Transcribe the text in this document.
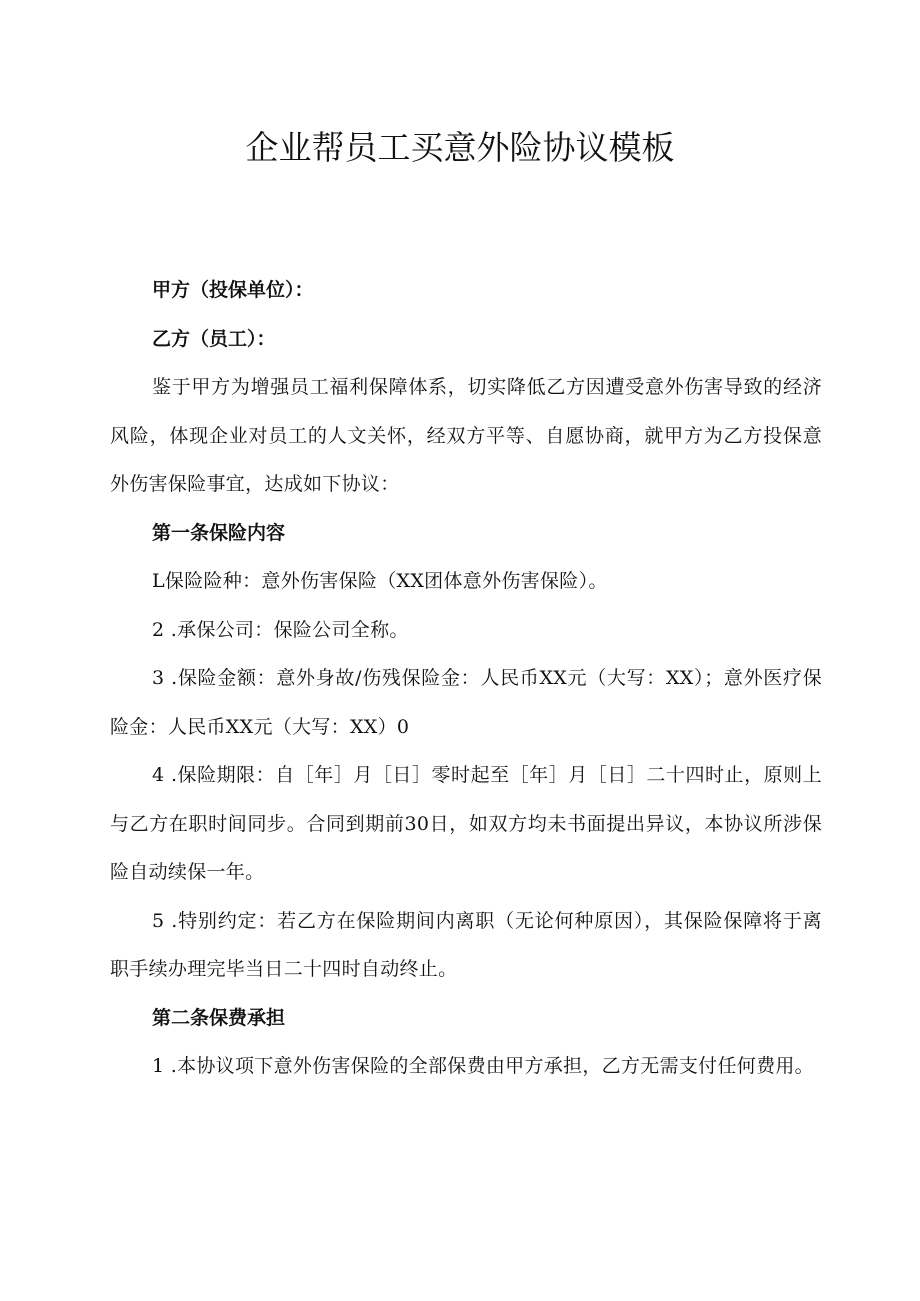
企业帮员工买意外险协议模板

甲方（投保单位）：

乙方（员工）：

鉴于甲方为增强员工福利保障体系，切实降低乙方因遭受意外伤害导致的经济风险，体现企业对员工的人文关怀，经双方平等、自愿协商，就甲方为乙方投保意外伤害保险事宜，达成如下协议：

第一条保险内容

L保险险种：意外伤害保险（XX团体意外伤害保险）。

2 .承保公司：保险公司全称。

3 .保险金额：意外身故/伤残保险金：人民币XX元（大写：XX）；意外医疗保险金：人民币XX元（大写：XX）0

4 .保险期限：自［年］月［日］零时起至［年］月［日］二十四时止，原则上与乙方在职时间同步。合同到期前30日，如双方均未书面提出异议，本协议所涉保险自动续保一年。

5 .特别约定：若乙方在保险期间内离职（无论何种原因），其保险保障将于离职手续办理完毕当日二十四时自动终止。

第二条保费承担

1 .本协议项下意外伤害保险的全部保费由甲方承担，乙方无需支付任何费用。
